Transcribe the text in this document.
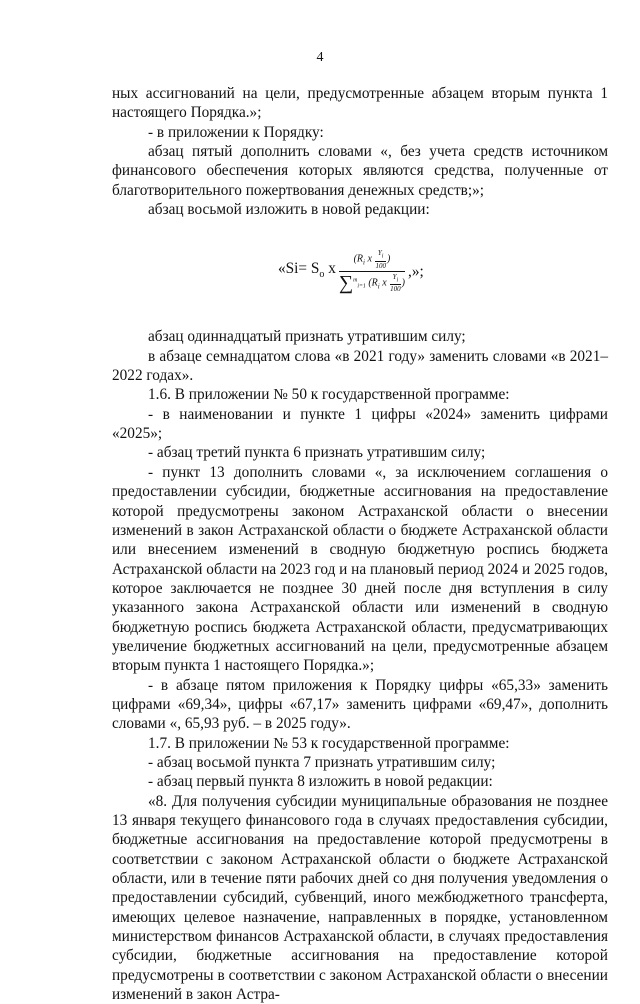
4

ных ассигнований на цели, предусмотренные абзацем вторым пункта 1 настоящего Порядка.»;

- в приложении к Порядку:

абзац пятый дополнить словами «, без учета средств источником финансового обеспечения которых являются средства, полученные от благотворительного пожертвования денежных средств;»;

абзац восьмой изложить в новой редакции:

«$Si= S_o$ x $\frac{(R_i x \frac{Y_i}{100} )}{\sum^m_{i=1} (R_i x \frac{Y_i}{100} )}$ ,»;

абзац одиннадцатый признать утратившим силу;

в абзаце семнадцатом слова «в 2021 году» заменить словами «в 2021–2022 годах».

1.6. В приложении № 50 к государственной программе:

- в наименовании и пункте 1 цифры «2024» заменить цифрами «2025»;

- абзац третий пункта 6 признать утратившим силу;

- пункт 13 дополнить словами «, за исключением соглашения о предоставлении субсидии, бюджетные ассигнования на предоставление которой предусмотрены законом Астраханской области о внесении изменений в закон Астраханской области о бюджете Астраханской области или внесением изменений в сводную бюджетную роспись бюджета Астраханской области на 2023 год и на плановый период 2024 и 2025 годов, которое заключается не позднее 30 дней после дня вступления в силу указанного закона Астраханской области или изменений в сводную бюджетную роспись бюджета Астраханской области, предусматривающих увеличение бюджетных ассигнований на цели, предусмотренные абзацем вторым пункта 1 настоящего Порядка.»;

- в абзаце пятом приложения к Порядку цифры «65,33» заменить цифрами «69,34», цифры «67,17» заменить цифрами «69,47», дополнить словами «, 65,93 руб. – в 2025 году».

1.7. В приложении № 53 к государственной программе:

- абзац восьмой пункта 7 признать утратившим силу;

- абзац первый пункта 8 изложить в новой редакции:

«8. Для получения субсидии муниципальные образования не позднее 13 января текущего финансового года в случаях предоставления субсидии, бюджетные ассигнования на предоставление которой предусмотрены в соответствии с законом Астраханской области о бюджете Астраханской области, или в течение пяти рабочих дней со дня получения уведомления о предоставлении субсидий, субвенций, иного межбюджетного трансферта, имеющих целевое назначение, направленных в порядке, установленном министерством финансов Астраханской области, в случаях предоставления субсидии, бюджетные ассигнования на предоставление которой предусмотрены в соответствии с законом Астраханской области о внесении изменений в закон Астра-
